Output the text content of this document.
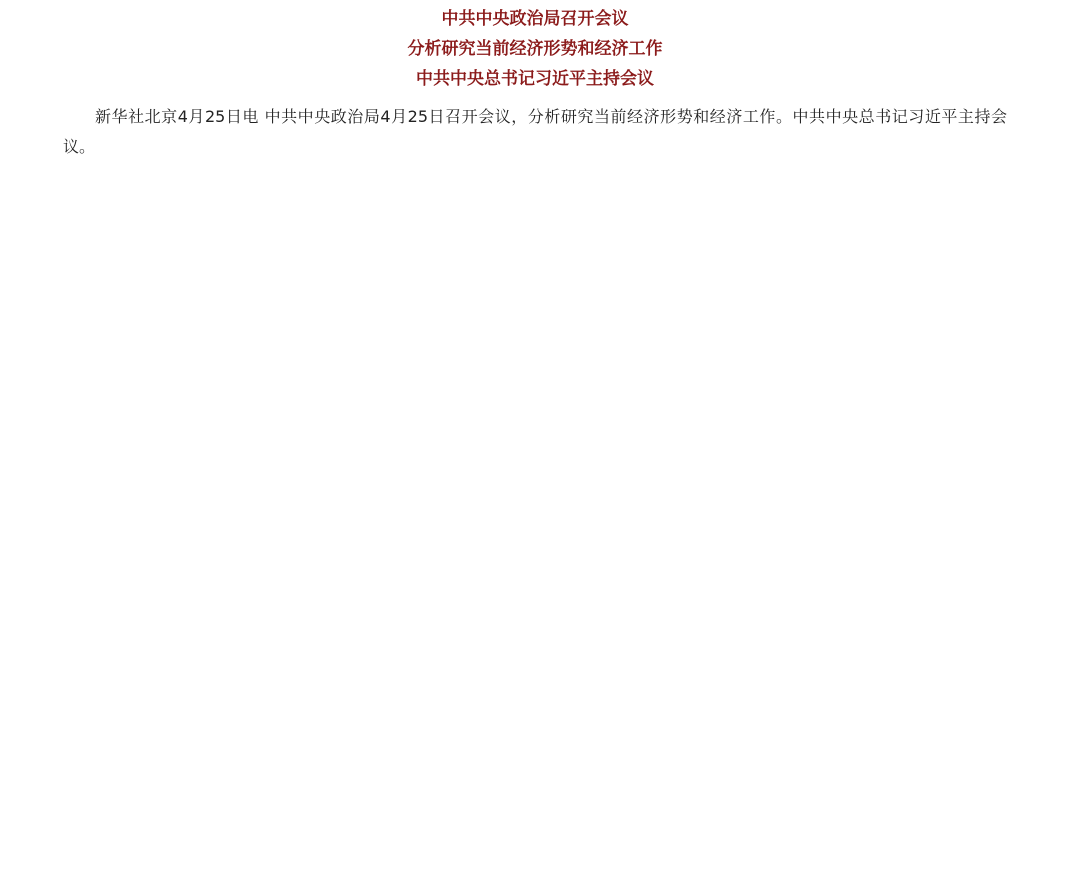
中共中央政治局召开会议
分析研究当前经济形势和经济工作
中共中央总书记习近平主持会议

新华社北京4月25日电 中共中央政治局4月25日召开会议，分析研究当前经济形势和经济工作。中共中央总书记习近平主持会议。
